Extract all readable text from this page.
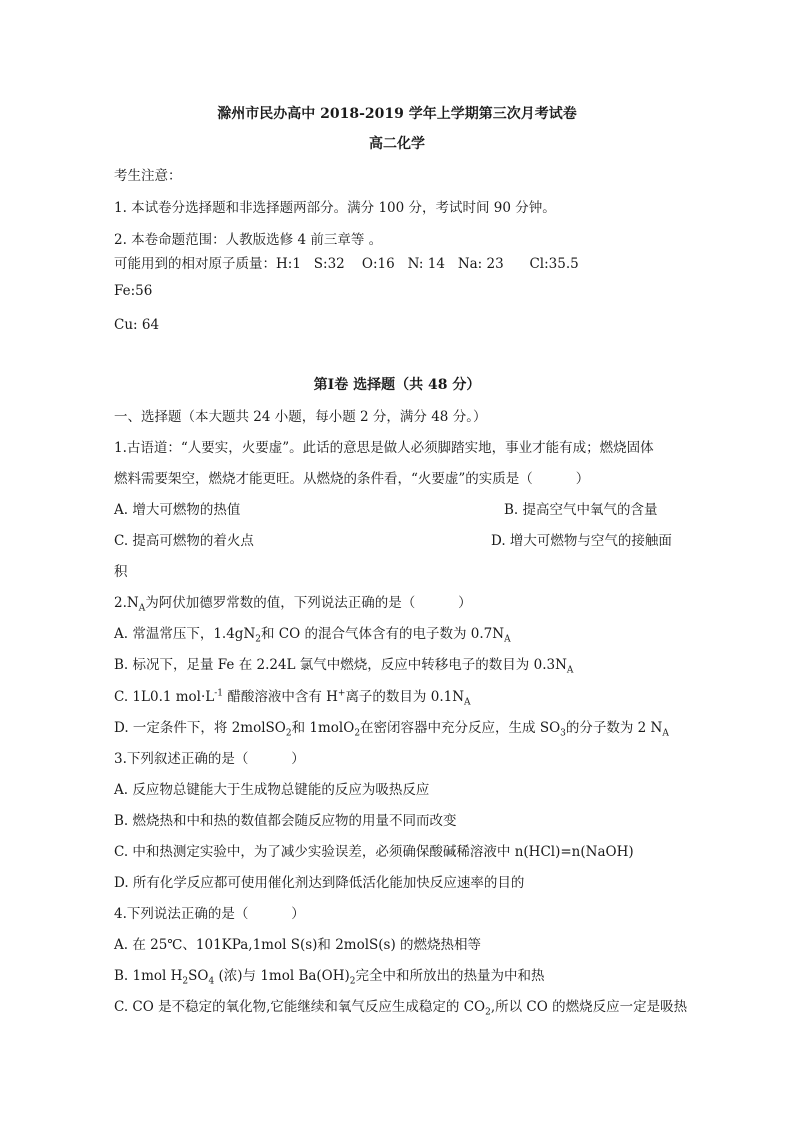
滁州市民办高中 2018-2019 学年上学期第三次月考试卷
高二化学
考生注意：
1. 本试卷分选择题和非选择题两部分。满分 100 分，考试时间 90 分钟。
2. 本卷命题范围：人教版选修 4 前三章等 。
可能用到的相对原子质量：H:1   S:32    O:16   N: 14   Na: 23      Cl:35.5
Fe:56
Cu: 64
第Ⅰ卷 选择题（共 48 分）
一、选择题（本大题共 24 小题，每小题 2 分，满分 48 分。）
1.古语道：“人要实，火要虚”。此话的意思是做人必须脚踏实地，事业才能有成；燃烧固体
燃料需要架空，燃烧才能更旺。从燃烧的条件看，“火要虚”的实质是（          ）
A. 增大可燃物的热值	B. 提高空气中氧气的含量
C. 提高可燃物的着火点	D. 增大可燃物与空气的接触面
积
$2.N_A$为阿伏加德罗常数的值，下列说法正确的是（          ）
A. 常温常压下，$1.4gN_2$和 CO 的混合气体含有的电子数为 $0.7N_A$
B. 标况下，足量 Fe 在 2.24L 氯气中燃烧，反应中转移电子的数目为 $0.3N_A$
C. 1L0.1 $mol\cdot L^{-1}$ 醋酸溶液中含有 H+离子的数目为 $0.1N_A$
D. 一定条件下，将 2molSO$_2$和 1molO$_2$在密闭容器中充分反应，生成 $SO_3$的分子数为 2 $N_A$
3.下列叙述正确的是（          ）
A. 反应物总键能大于生成物总键能的反应为吸热反应
B. 燃烧热和中和热的数值都会随反应物的用量不同而改变
C. 中和热测定实验中，为了减少实验误差，必须确保酸碱稀溶液中 n(HCl)=n(NaOH)
D. 所有化学反应都可使用催化剂达到降低活化能加快反应速率的目的
4.下列说法正确的是（          ）
A. 在 25℃、101KPa,1mol S(s)和 2molS(s) 的燃烧热相等
B. 1mol $H_2SO_4$ (浓)与 1mol $Ba(OH)_2$完全中和所放出的热量为中和热
C. CO 是不稳定的氧化物,它能继续和氧气反应生成稳定的 $CO_2$,所以 CO 的燃烧反应一定是吸热
